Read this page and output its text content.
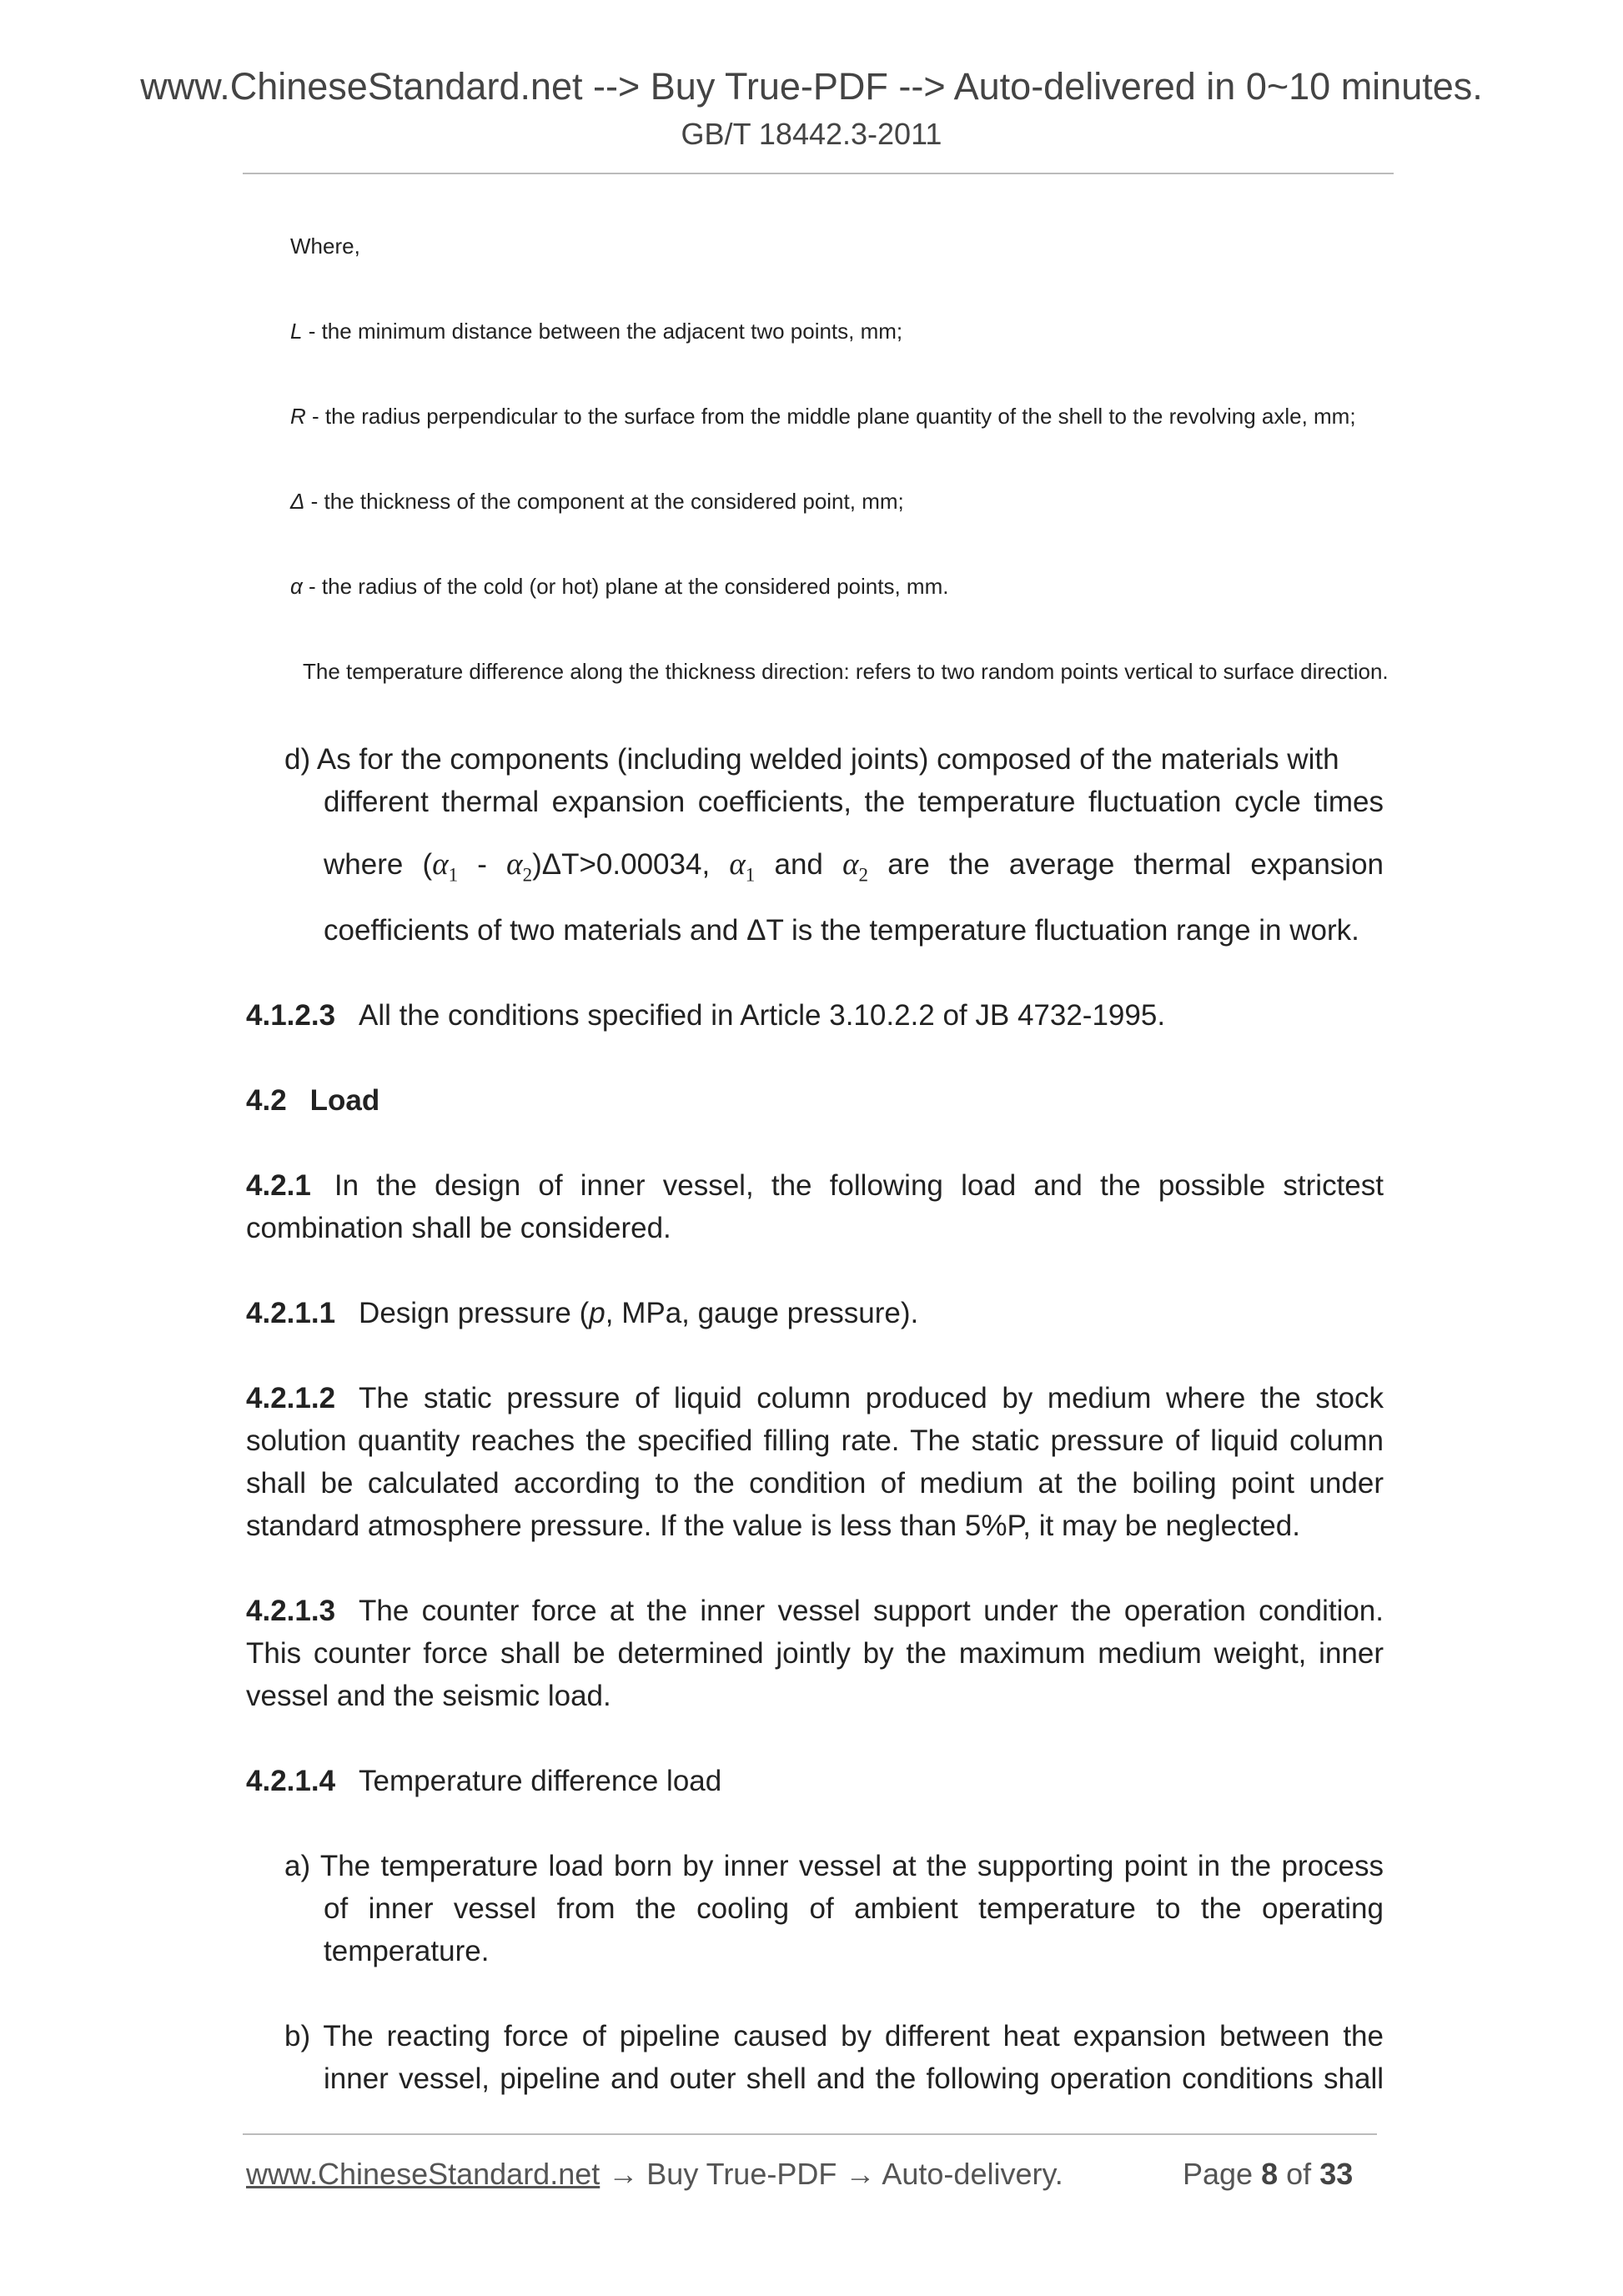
www.ChineseStandard.net --> Buy True-PDF --> Auto-delivered in 0~10 minutes.
GB/T 18442.3-2011
Where,
L - the minimum distance between the adjacent two points, mm;
R - the radius perpendicular to the surface from the middle plane quantity of the shell to the revolving axle, mm;
Δ - the thickness of the component at the considered point, mm;
α - the radius of the cold (or hot) plane at the considered points, mm.
The temperature difference along the thickness direction: refers to two random points vertical to surface direction.
d) As for the components (including welded joints) composed of the materials with
different thermal expansion coefficients, the temperature fluctuation cycle times
where $(\alpha_1 - \alpha_2)\Delta T>0.00034$, $\alpha_1$ and $\alpha_2$ are the average thermal expansion
coefficients of two materials and ΔT is the temperature fluctuation range in work.
4.1.2.3 All the conditions specified in Article 3.10.2.2 of JB 4732-1995.
4.2 Load
4.2.1 In the design of inner vessel, the following load and the possible strictest
combination shall be considered.
4.2.1.1 Design pressure (p, MPa, gauge pressure).
4.2.1.2 The static pressure of liquid column produced by medium where the stock
solution quantity reaches the specified filling rate. The static pressure of liquid column
shall be calculated according to the condition of medium at the boiling point under
standard atmosphere pressure. If the value is less than 5%P, it may be neglected.
4.2.1.3 The counter force at the inner vessel support under the operation condition.
This counter force shall be determined jointly by the maximum medium weight, inner
vessel and the seismic load.
4.2.1.4 Temperature difference load
a) The temperature load born by inner vessel at the supporting point in the process
of inner vessel from the cooling of ambient temperature to the operating
temperature.
b) The reacting force of pipeline caused by different heat expansion between the
inner vessel, pipeline and outer shell and the following operation conditions shall
www.ChineseStandard.net → Buy True-PDF → Auto-delivery.	Page 8 of 33
